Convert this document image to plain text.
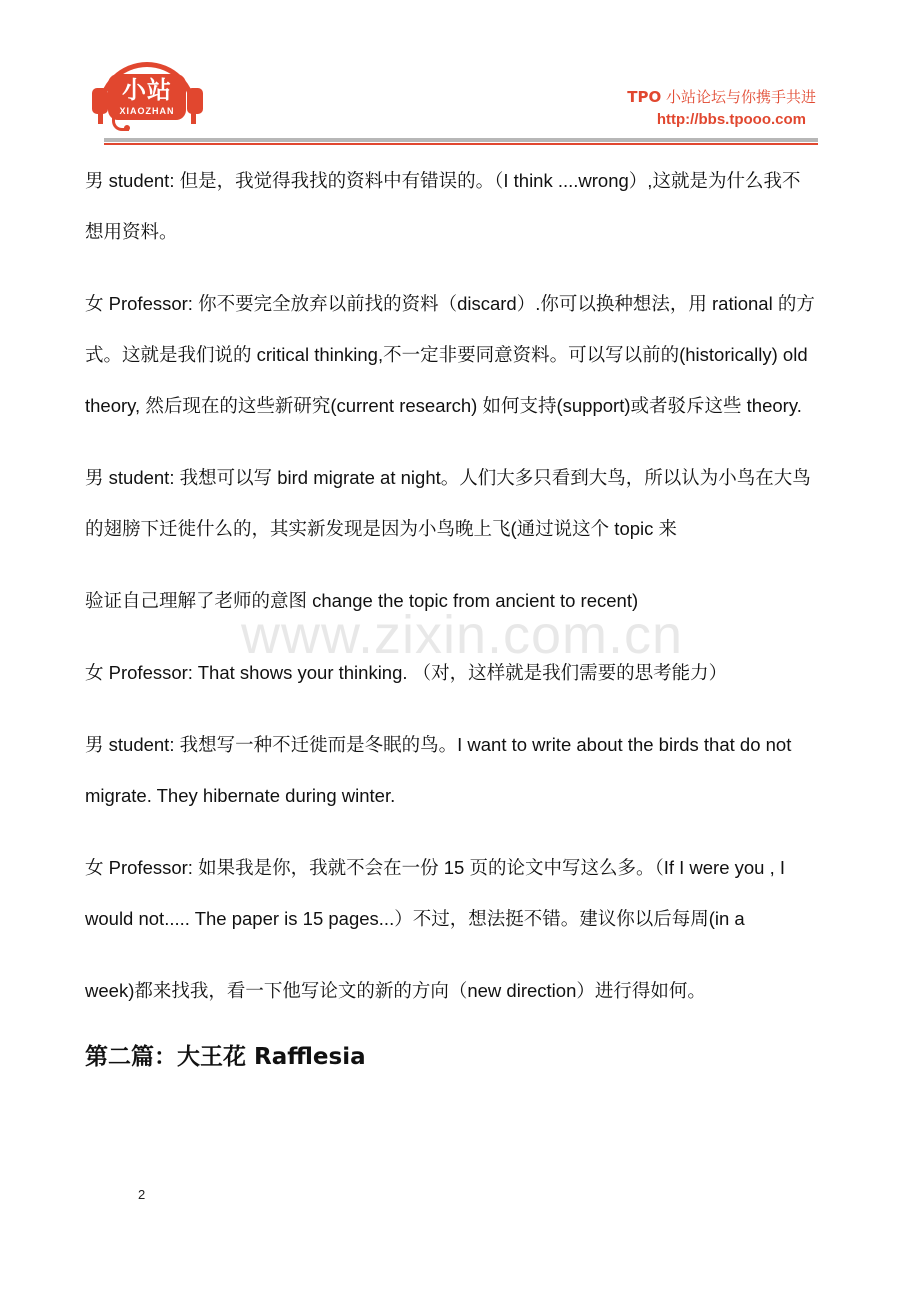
小站
XIAOZHAN

TPO 小站论坛与你携手共进

http://bbs.tpooo.com

男 student: 但是，我觉得我找的资料中有错误的。（I think ....wrong）,这就是为什么我不

想用资料。

女 Professor: 你不要完全放弃以前找的资料（discard）.你可以换种想法，用 rational 的方

式。这就是我们说的 critical thinking,不一定非要同意资料。可以写以前的(historically) old

theory, 然后现在的这些新研究(current research) 如何支持(support)或者驳斥这些 theory.

男 student: 我想可以写 bird migrate at night。人们大多只看到大鸟，所以认为小鸟在大鸟

的翅膀下迁徙什么的，其实新发现是因为小鸟晚上飞(通过说这个 topic 来

验证自己理解了老师的意图 change the topic from ancient to recent)

女 Professor: That shows your thinking. （对，这样就是我们需要的思考能力）

男 student: 我想写一种不迁徙而是冬眠的鸟。I want to write about the birds that do not

migrate. They hibernate during winter.

女 Professor: 如果我是你，我就不会在一份 15 页的论文中写这么多。（If I were you , I

would not..... The paper is 15 pages...）不过，想法挺不错。建议你以后每周(in a

week)都来找我，看一下他写论文的新的方向（new direction）进行得如何。

第二篇：大王花 Rafflesia

www.zixin.com.cn

2
